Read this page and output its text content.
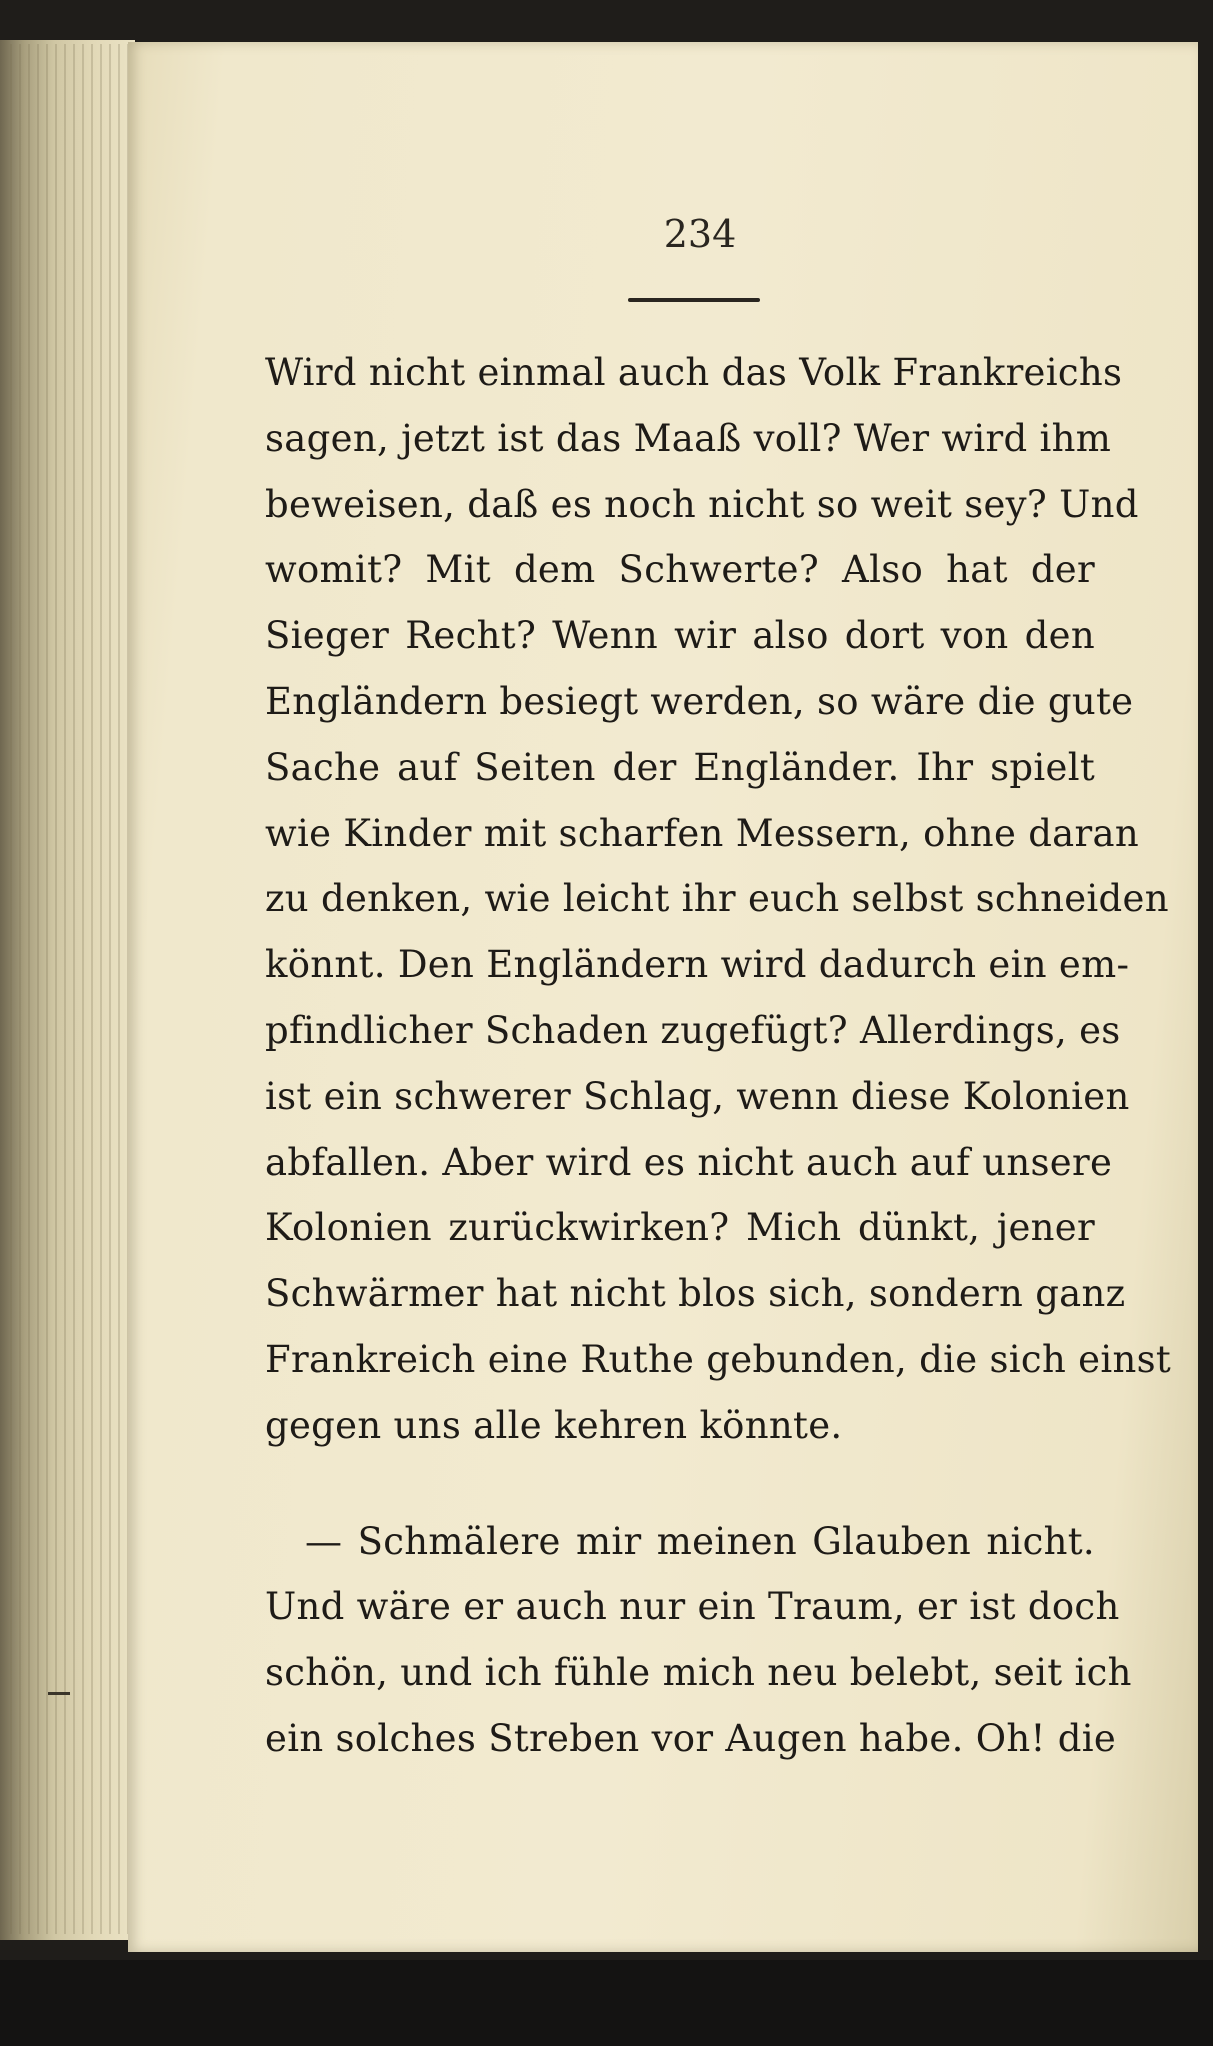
234
Wird nicht einmal auch das Volk Frankreichs
sagen, jetzt ist das Maaß voll? Wer wird ihm
beweisen, daß es noch nicht so weit sey? Und
womit? Mit dem Schwerte? Also hat der
Sieger Recht? Wenn wir also dort von den
Engländern besiegt werden, so wäre die gute
Sache auf Seiten der Engländer. Ihr spielt
wie Kinder mit scharfen Messern, ohne daran
zu denken, wie leicht ihr euch selbst schneiden
könnt. Den Engländern wird dadurch ein em-
pfindlicher Schaden zugefügt? Allerdings, es
ist ein schwerer Schlag, wenn diese Kolonien
abfallen. Aber wird es nicht auch auf unsere
Kolonien zurückwirken? Mich dünkt, jener
Schwärmer hat nicht blos sich, sondern ganz
Frankreich eine Ruthe gebunden, die sich einst
gegen uns alle kehren könnte.
— Schmälere mir meinen Glauben nicht.
Und wäre er auch nur ein Traum, er ist doch
schön, und ich fühle mich neu belebt, seit ich
ein solches Streben vor Augen habe. Oh! die
